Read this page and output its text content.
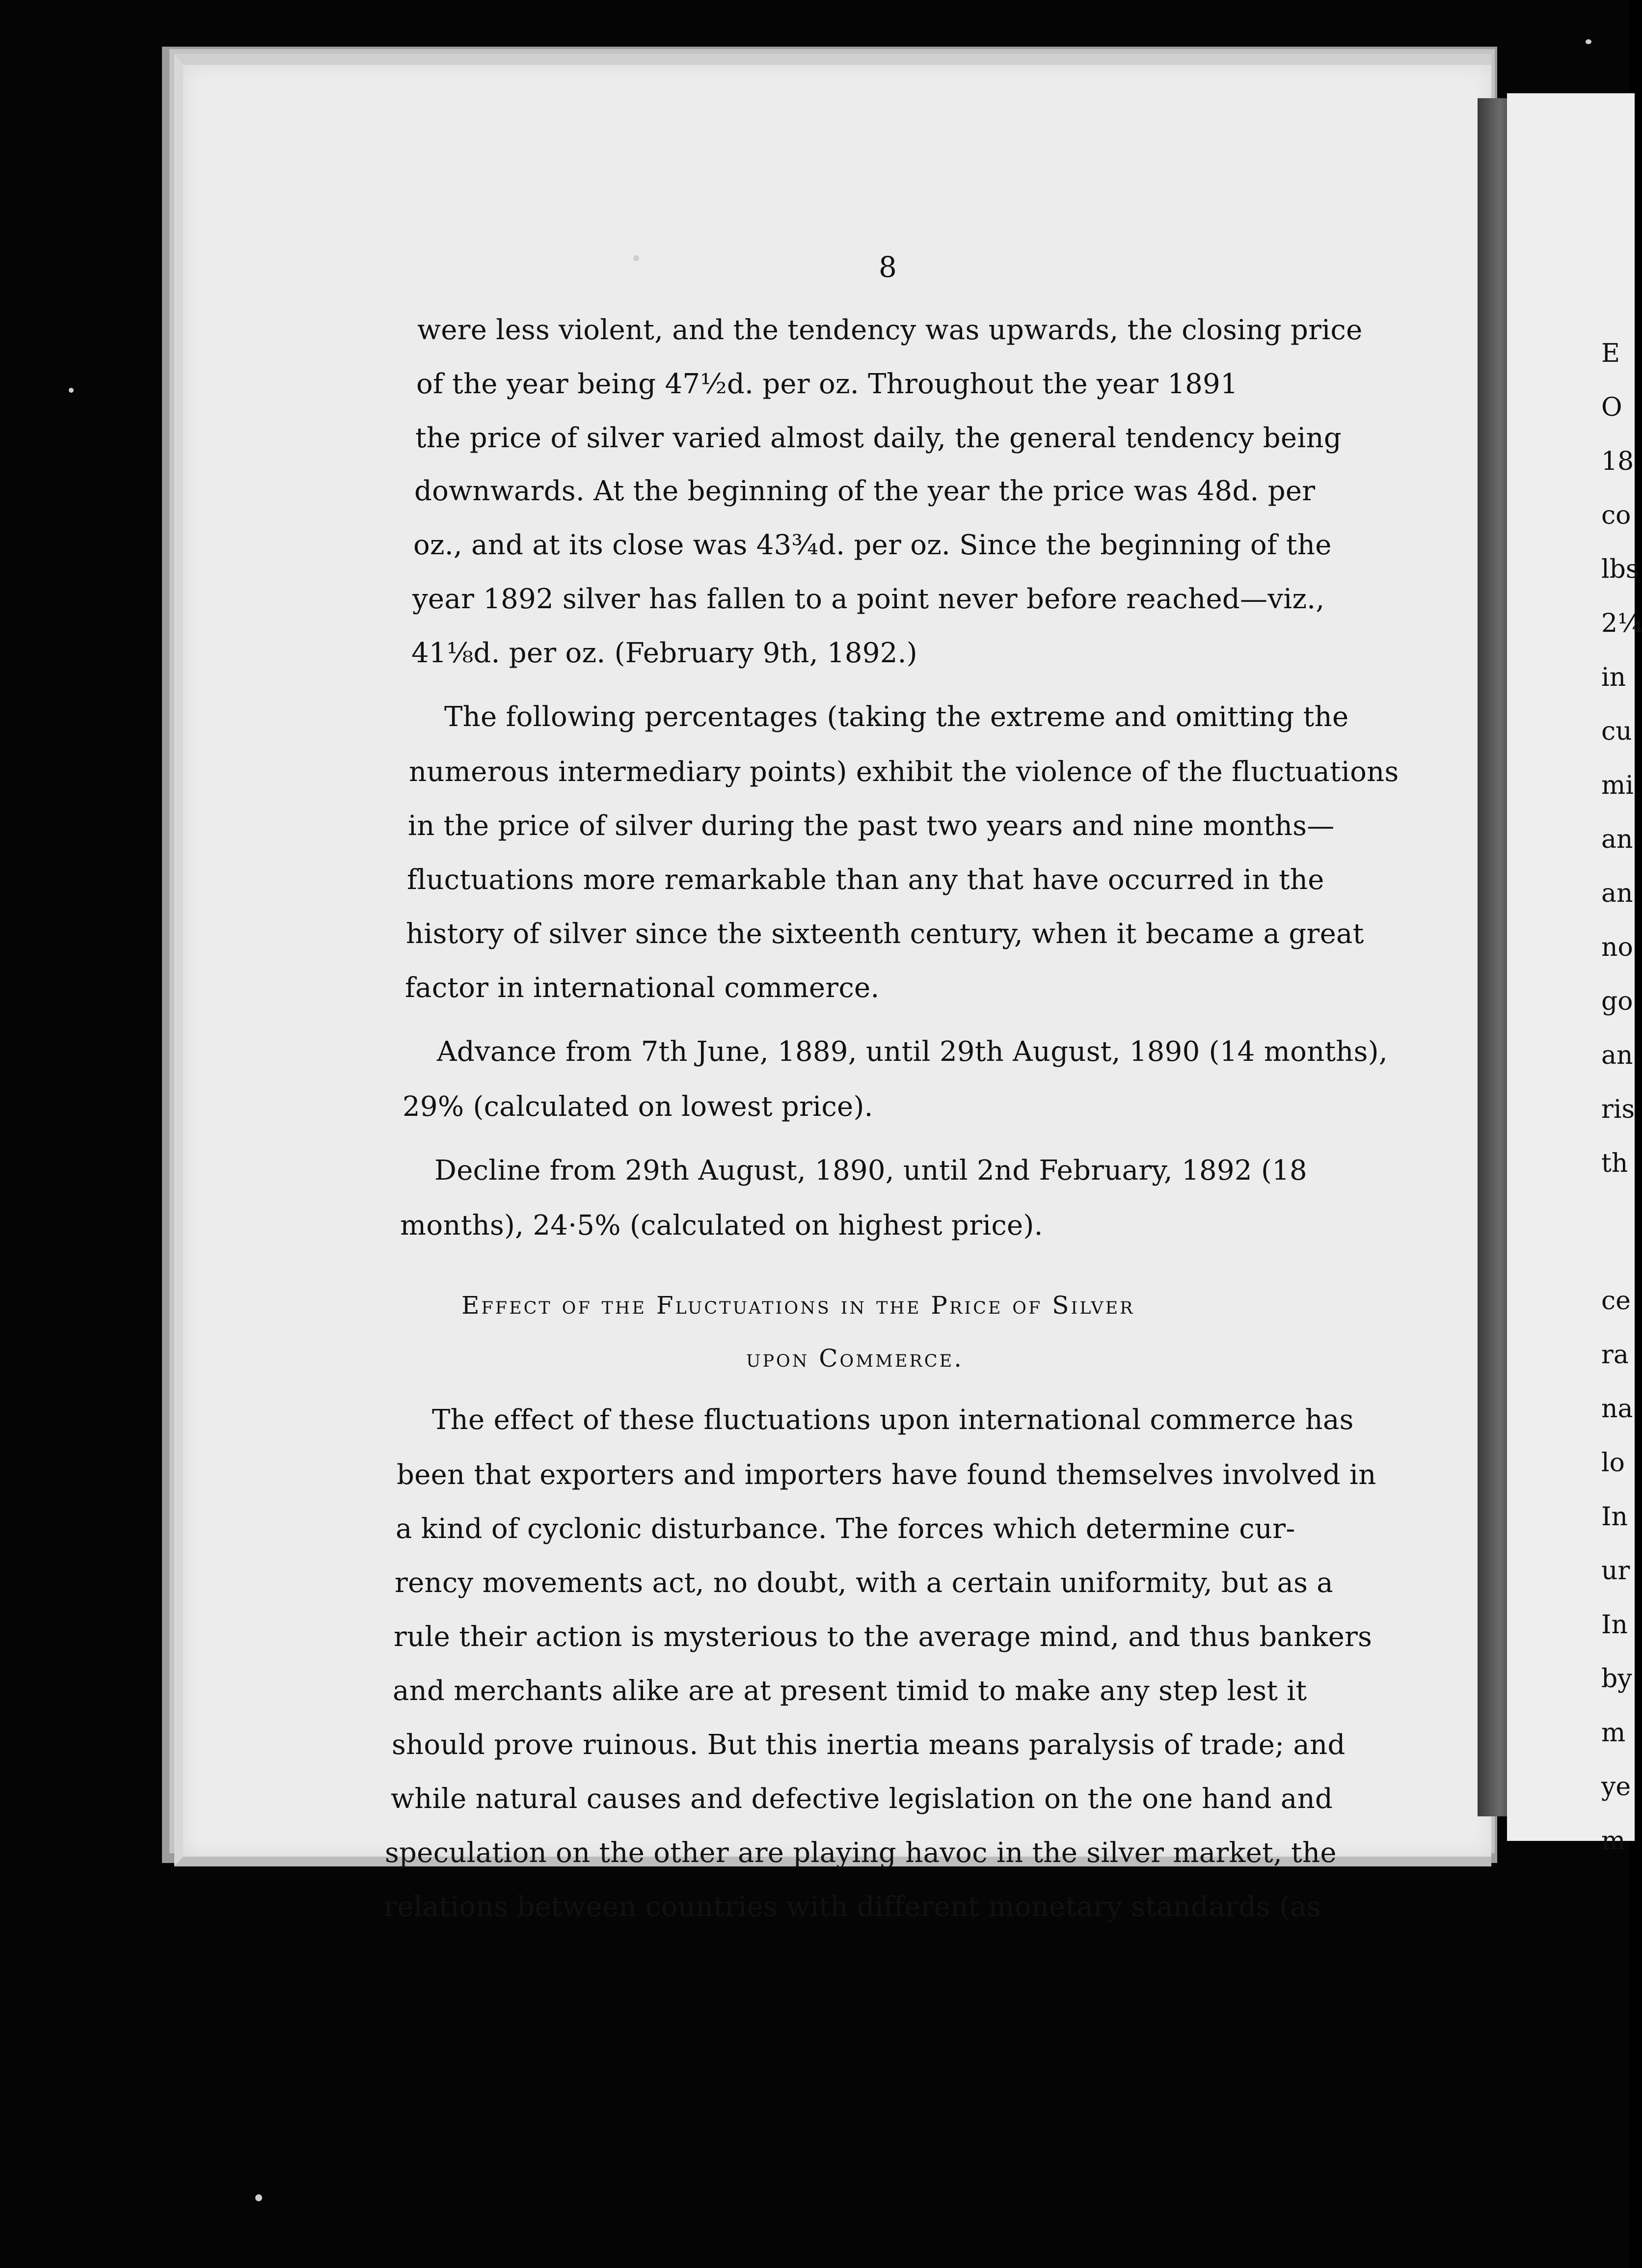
8
were less violent, and the tendency was upwards, the closing price
of the year being 47½d. per oz. Throughout the year 1891
the price of silver varied almost daily, the general tendency being
downwards. At the beginning of the year the price was 48d. per
oz., and at its close was 43¾d. per oz. Since the beginning of the
year 1892 silver has fallen to a point never before reached—viz.,
41⅛d. per oz. (February 9th, 1892.)
The following percentages (taking the extreme and omitting the
numerous intermediary points) exhibit the violence of the fluctuations
in the price of silver during the past two years and nine months—
fluctuations more remarkable than any that have occurred in the
history of silver since the sixteenth century, when it became a great
factor in international commerce.
Advance from 7th June, 1889, until 29th August, 1890 (14 months),
29% (calculated on lowest price).
Decline from 29th August, 1890, until 2nd February, 1892 (18
months), 24·5% (calculated on highest price).
Effect of the Fluctuations in the Price of Silver
upon Commerce.
The effect of these fluctuations upon international commerce has
been that exporters and importers have found themselves involved in
a kind of cyclonic disturbance. The forces which determine cur-
rency movements act, no doubt, with a certain uniformity, but as a
rule their action is mysterious to the average mind, and thus bankers
and merchants alike are at present timid to make any step lest it
should prove ruinous. But this inertia means paralysis of trade; and
while natural causes and defective legislation on the one hand and
speculation on the other are playing havoc in the silver market, the
relations between countries with different monetary standards (as
E
O
18
co
lbs
2¼
in
cu
mi
an
an
no
go
an
ris
th
ce
ra
na
lo
In
ur
In
by
m
ye
m
